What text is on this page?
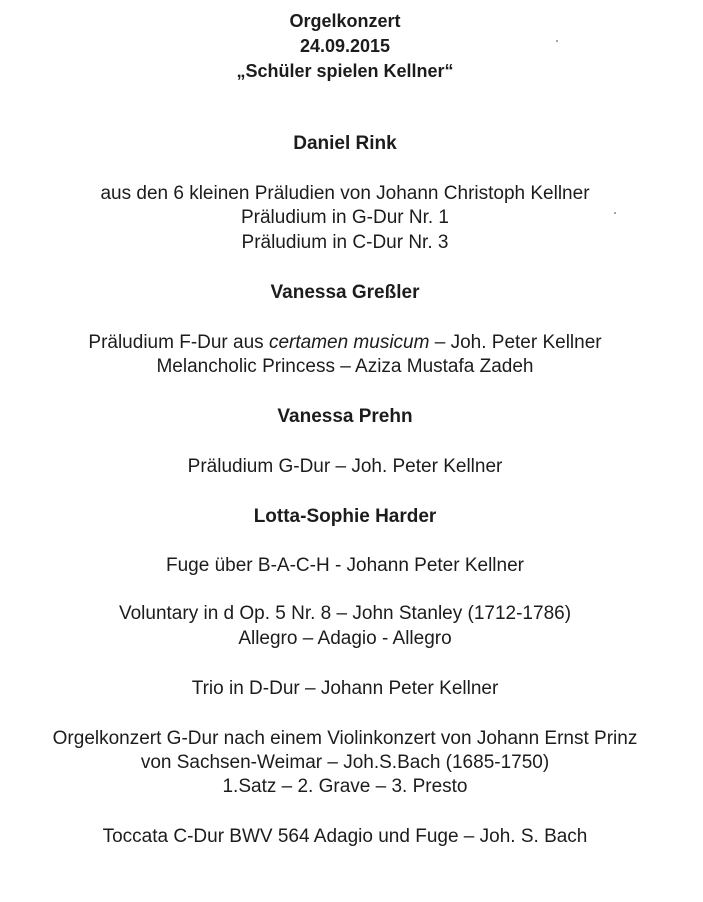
Orgelkonzert
24.09.2015
„Schüler spielen Kellner“
Daniel Rink
aus den 6 kleinen Präludien von Johann Christoph Kellner
Präludium in G-Dur Nr. 1
Präludium in C-Dur Nr. 3
Vanessa Greßler
Präludium F-Dur aus certamen musicum – Joh. Peter Kellner
Melancholic Princess – Aziza Mustafa Zadeh
Vanessa Prehn
Präludium G-Dur – Joh. Peter Kellner
Lotta-Sophie Harder
Fuge über B-A-C-H - Johann Peter Kellner
Voluntary in d Op. 5 Nr. 8 – John Stanley (1712-1786)
Allegro – Adagio - Allegro
Trio in D-Dur – Johann Peter Kellner
Orgelkonzert G-Dur nach einem Violinkonzert von Johann Ernst Prinz
von Sachsen-Weimar – Joh.S.Bach (1685-1750)
1.Satz – 2. Grave – 3. Presto
Toccata C-Dur BWV 564 Adagio und Fuge – Joh. S. Bach
